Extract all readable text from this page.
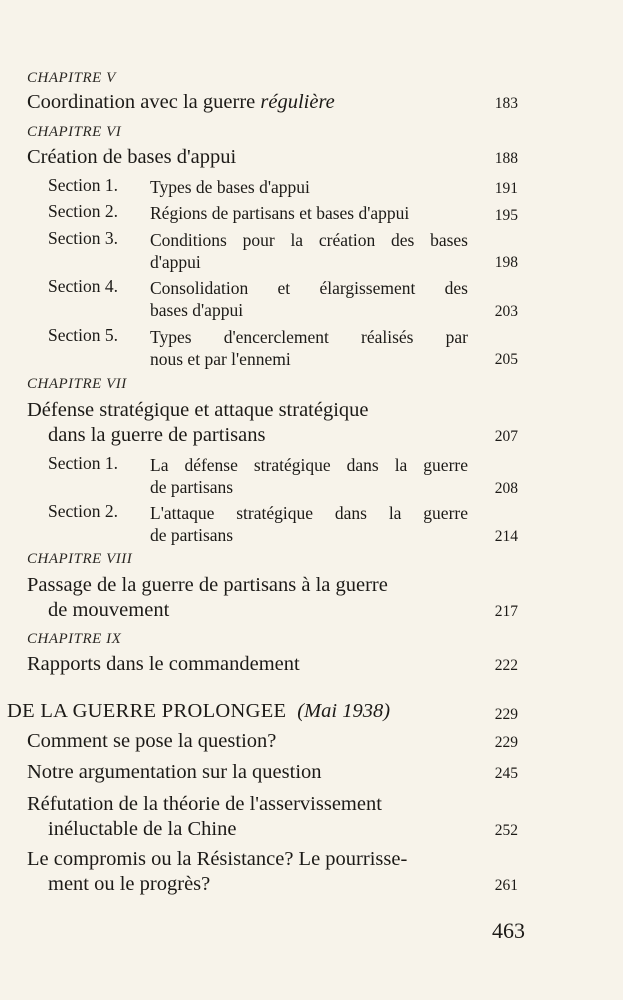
CHAPITRE V
Coordination avec la guerre régulière	183
CHAPITRE VI
Création de bases d'appui	188
Section 1. Types de bases d'appui	191
Section 2. Régions de partisans et bases d'appui	195
Section 3. Conditions pour la création des bases
d'appui	198
Section 4. Consolidation et élargissement des
bases d'appui	203
Section 5. Types d'encerclement réalisés par
nous et par l'ennemi	205
CHAPITRE VII
Défense stratégique et attaque stratégique
dans la guerre de partisans	207
Section 1. La défense stratégique dans la guerre
de partisans	208
Section 2. L'attaque stratégique dans la guerre
de partisans	214
CHAPITRE VIII
Passage de la guerre de partisans à la guerre
de mouvement	217
CHAPITRE IX
Rapports dans le commandement	222
DE LA GUERRE PROLONGEE (Mai 1938)	229
Comment se pose la question?	229
Notre argumentation sur la question	245
Réfutation de la théorie de l'asservissement
inéluctable de la Chine	252
Le compromis ou la Résistance? Le pourrisse-
ment ou le progrès?	261
463
